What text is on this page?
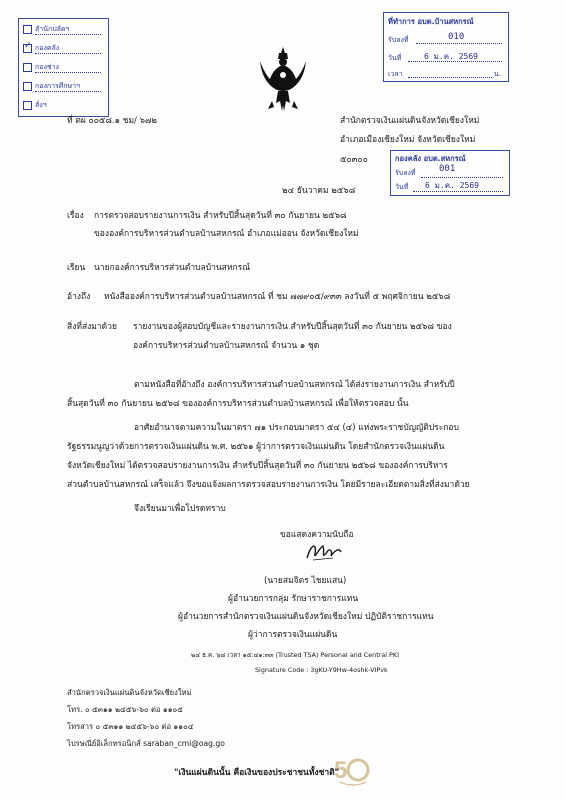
สำนักปลัดฯ
✓กองคลัง
กองช่าง
กองการศึกษาฯ
สั่งฯ
ที่ทำการ อบต.บ้านสหกรณ์
รับลงที่	010
วันที่	6 ม.ค. 2569
เวลา	น.
ที่ ตผ ๐๐๕๘.๑ ชม/ ๖๗๒	สำนักตรวจเงินแผ่นดินจังหวัดเชียงใหม่
อำเภอเมืองเชียงใหม่ จังหวัดเชียงใหม่
๕๐๓๐๐	กองคลัง อบต.สหกรณ์
รับลงที่	001
วันที่ 6 ม.ค. 2569
๒๔ ธันวาคม ๒๕๖๘
เรื่อง การตรวจสอบรายงานการเงิน สำหรับปีสิ้นสุดวันที่ ๓๐ กันยายน ๒๕๖๘
ขององค์การบริหารส่วนตำบลบ้านสหกรณ์ อำเภอแม่ออน จังหวัดเชียงใหม่
เรียน นายกองค์การบริหารส่วนตำบลบ้านสหกรณ์
อ้างถึง หนังสือองค์การบริหารส่วนตำบลบ้านสหกรณ์ ที่ ชม ๗๗๙๐๕/๙๓๓ ลงวันที่ ๕ พฤศจิกายน ๒๕๖๘
สิ่งที่ส่งมาด้วย รายงานของผู้สอบบัญชีและรายงานการเงิน สำหรับปีสิ้นสุดวันที่ ๓๐ กันยายน ๒๕๖๘ ของ
องค์การบริหารส่วนตำบลบ้านสหกรณ์ จำนวน ๑ ชุด
ตามหนังสือที่อ้างถึง องค์การบริหารส่วนตำบลบ้านสหกรณ์ ได้ส่งรายงานการเงิน สำหรับปี
สิ้นสุดวันที่ ๓๐ กันยายน ๒๕๖๘ ขององค์การบริหารส่วนตำบลบ้านสหกรณ์ เพื่อให้ตรวจสอบ นั้น
อาศัยอำนาจตามความในมาตรา ๗๑ ประกอบมาตรา ๕๔ (๔) แห่งพระราชบัญญัติประกอบ
รัฐธรรมนูญว่าด้วยการตรวจเงินแผ่นดิน พ.ศ. ๒๕๖๑ ผู้ว่าการตรวจเงินแผ่นดิน โดยสำนักตรวจเงินแผ่นดิน
จังหวัดเชียงใหม่ ได้ตรวจสอบรายงานการเงิน สำหรับปีสิ้นสุดวันที่ ๓๐ กันยายน ๒๕๖๘ ขององค์การบริหาร
ส่วนตำบลบ้านสหกรณ์ เสร็จแล้ว จึงขอแจ้งผลการตรวจสอบรายงานการเงิน โดยมีรายละเอียดตามสิ่งที่ส่งมาด้วย
จึงเรียนมาเพื่อโปรดทราบ
ขอแสดงความนับถือ
(นายสมจิตร ไชยแสน)
ผู้อำนวยการกลุ่ม รักษาราชการแทน
ผู้อำนวยการสำนักตรวจเงินแผ่นดินจังหวัดเชียงใหม่ ปฏิบัติราชการแทน
ผู้ว่าการตรวจเงินแผ่นดิน
๒๔ ธ.ค. ๖๘ เวลา ๑๕:๔๑:๓๓ (Trusted TSA) Personal and Central PKI
Signature Code : 3gKU-Y9Hw-4oshk-VIPvk
สำนักตรวจเงินแผ่นดินจังหวัดเชียงใหม่
โทร. ๐ ๕๓๑๑ ๒๔๕๖-๖๐ ต่อ ๑๑๐๕
โทรสาร ๐ ๕๓๑๑ ๒๔๕๖-๖๐ ต่อ ๑๑๐๔
ไปรษณีย์อิเล็กทรอนิกส์ saraban_cmi@oag.go
5
"เงินแผ่นดินนั้น คือเงินของประชาชนทั้งชาติ"
